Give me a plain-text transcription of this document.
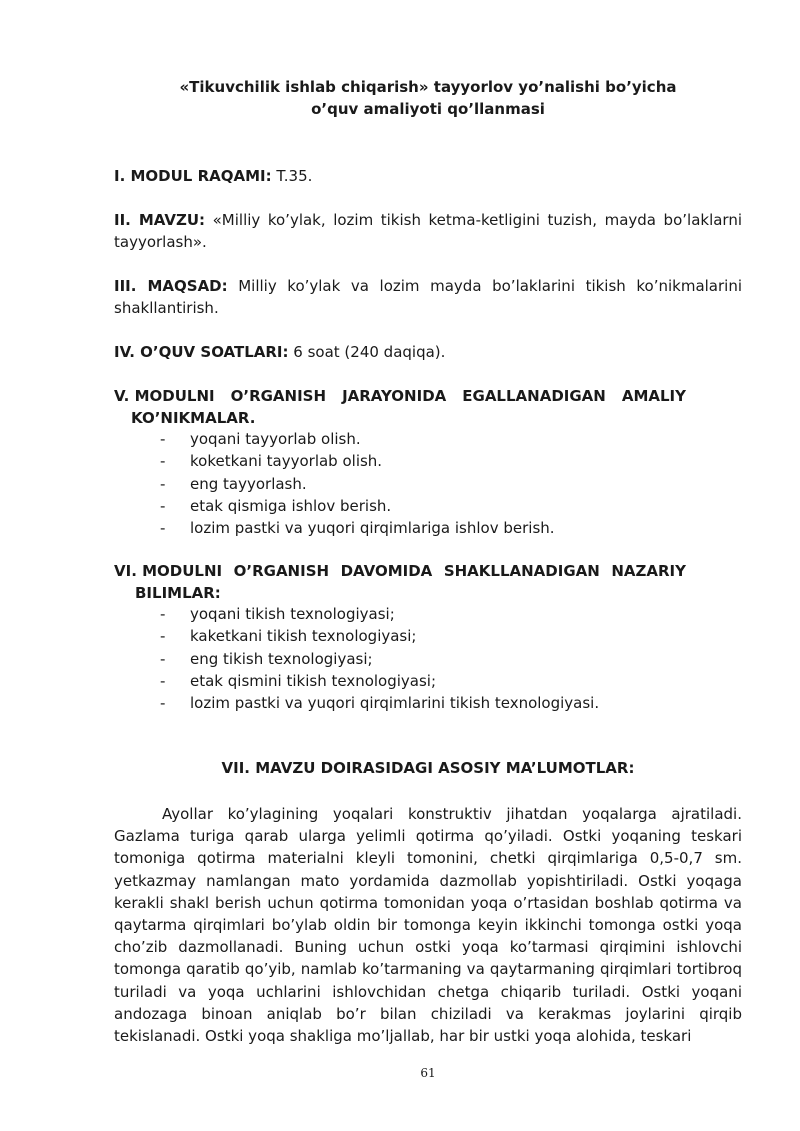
«Tikuvchilik ishlab chiqarish» tayyorlov yo’nalishi bo’yicha
o’quv amaliyoti qo’llanmasi
I. MODUL RAQAMI: T.35.
II. MAVZU: «Milliy ko’ylak, lozim tikish ketma-ketligini tuzish, mayda bo’laklarni tayyorlash».
III. MAQSAD: Milliy ko’ylak va lozim mayda bo’laklarini tikish ko’nikmalarini shakllantirish.
IV. O’QUV SOATLARI: 6 soat (240 daqiqa).
V. MODULNI O’RGANISH JARAYONIDA EGALLANADIGAN AMALIY
KO’NIKMALAR.
- yoqani tayyorlab olish.
- koketkani tayyorlab olish.
- eng tayyorlash.
- etak qismiga ishlov berish.
- lozim pastki va yuqori qirqimlariga ishlov berish.
VI. MODULNI O’RGANISH DAVOMIDA SHAKLLANADIGAN NAZARIY
BILIMLAR:
- yoqani tikish texnologiyasi;
- kaketkani tikish texnologiyasi;
- eng tikish texnologiyasi;
- etak qismini tikish texnologiyasi;
- lozim pastki va yuqori qirqimlarini tikish texnologiyasi.
VII. MAVZU DOIRASIDAGI ASOSIY MA’LUMOTLAR:
Ayollar ko’ylagining yoqalari konstruktiv jihatdan yoqalarga ajratiladi. Gazlama turiga qarab ularga yelimli qotirma qo’yiladi. Ostki yoqaning teskari tomoniga qotirma materialni kleyli tomonini, chetki qirqimlariga 0,5-0,7 sm. yetkazmay namlangan mato yordamida dazmollab yopishtiriladi. Ostki yoqaga kerakli shakl berish uchun qotirma tomonidan yoqa o’rtasidan boshlab qotirma va qaytarma qirqimlari bo’ylab oldin bir tomonga keyin ikkinchi tomonga ostki yoqa cho’zib dazmollanadi. Buning uchun ostki yoqa ko’tarmasi qirqimini ishlovchi tomonga qaratib qo’yib, namlab ko’tarmaning va qaytarmaning qirqimlari tortibroq turiladi va yoqa uchlarini ishlovchidan chetga chiqarib turiladi. Ostki yoqani andozaga binoan aniqlab bo’r bilan chiziladi va kerakmas joylarini qirqib tekislanadi. Ostki yoqa shakliga mo’ljallab, har bir ustki yoqa alohida, teskari
61
